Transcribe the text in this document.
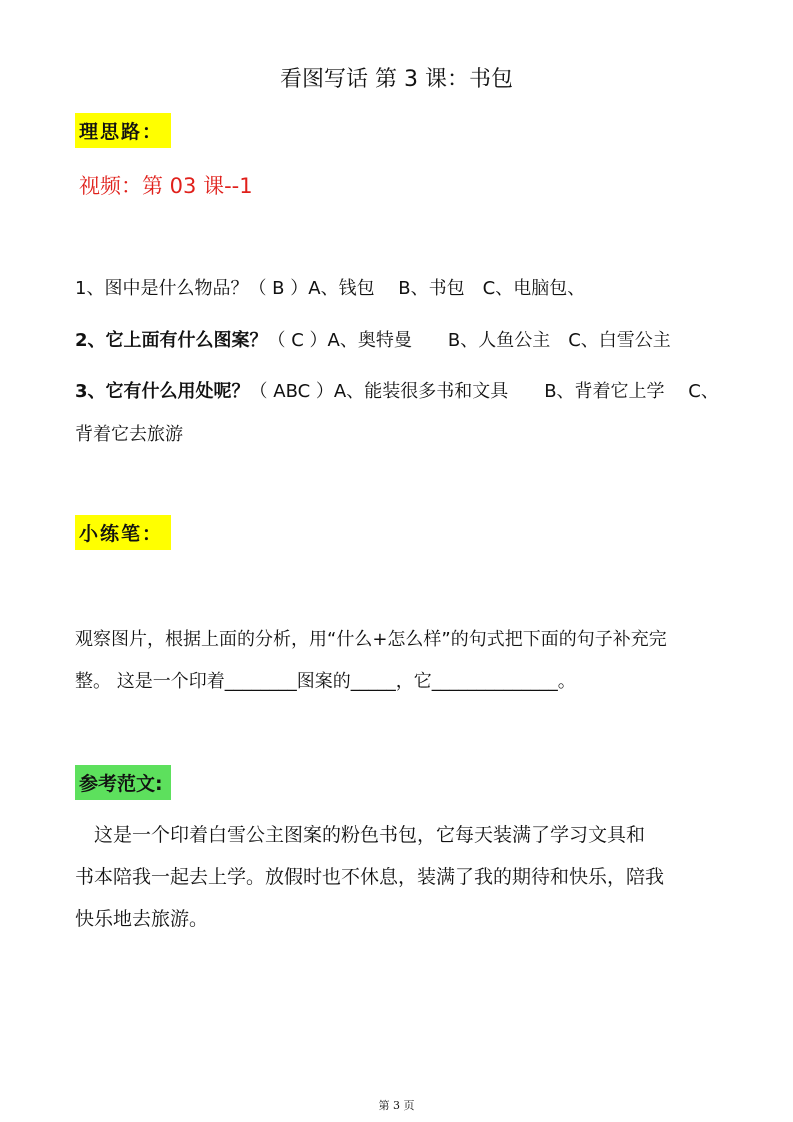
看图写话 第 3 课：书包
理思路：
视频：第 03 课--1
1、图中是什么物品？（ B ）A、钱包　 B、书包　C、电脑包、
2、它上面有什么图案？（ C ）A、奥特曼　　B、人鱼公主　C、白雪公主
3、它有什么用处呢？（ ABC ）A、能装很多书和文具　　B、背着它上学　 C、
背着它去旅游
小练笔：
观察图片，根据上面的分析，用“什么+怎么样”的句式把下面的句子补充完
整。 这是一个印着________图案的_____，它______________。
参考范文:
　这是一个印着白雪公主图案的粉色书包，它每天装满了学习文具和
书本陪我一起去上学。放假时也不休息，装满了我的期待和快乐，陪我
快乐地去旅游。
第 3 页
